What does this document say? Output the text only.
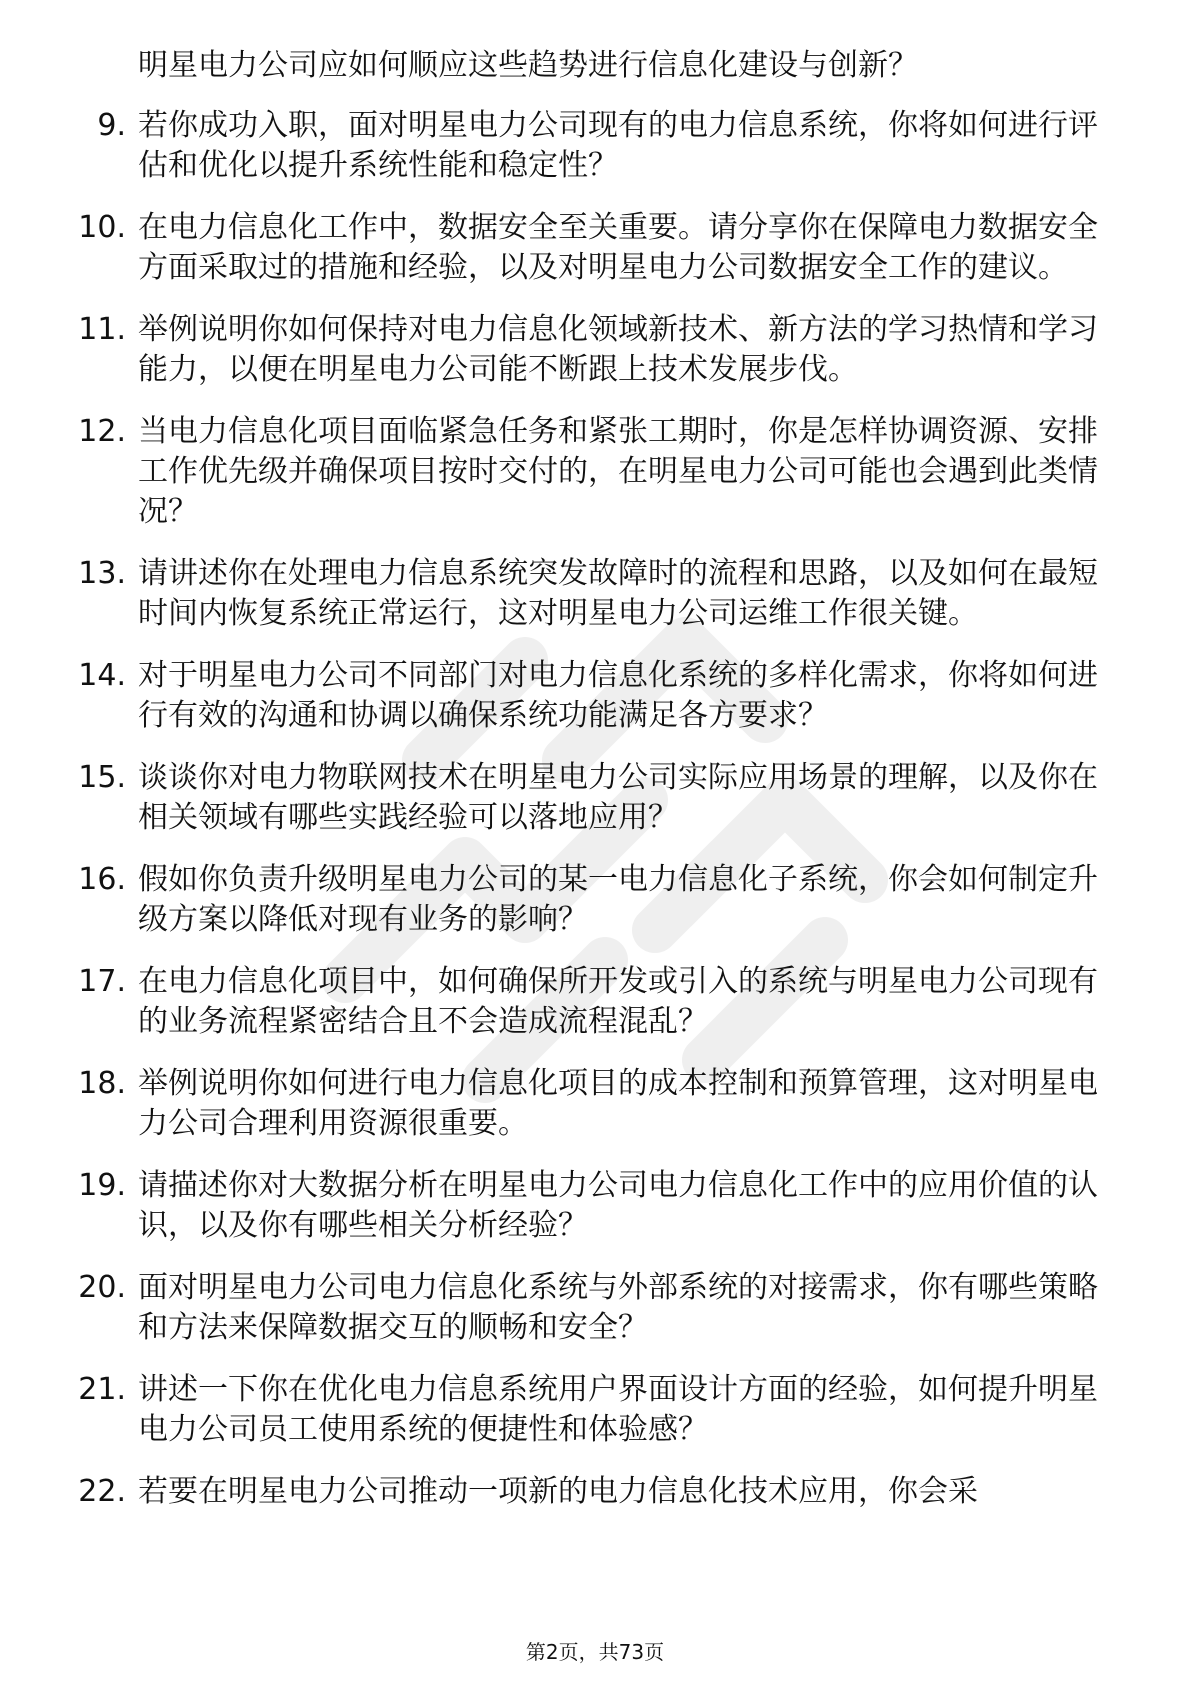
明星电力公司应如何顺应这些趋势进行信息化建设与创新？
9. 若你成功入职，面对明星电力公司现有的电力信息系统，你将如何进行评估和优化以提升系统性能和稳定性？
10. 在电力信息化工作中，数据安全至关重要。请分享你在保障电力数据安全方面采取过的措施和经验，以及对明星电力公司数据安全工作的建议。
11. 举例说明你如何保持对电力信息化领域新技术、新方法的学习热情和学习能力，以便在明星电力公司能不断跟上技术发展步伐。
12. 当电力信息化项目面临紧急任务和紧张工期时，你是怎样协调资源、安排工作优先级并确保项目按时交付的，在明星电力公司可能也会遇到此类情况？
13. 请讲述你在处理电力信息系统突发故障时的流程和思路，以及如何在最短时间内恢复系统正常运行，这对明星电力公司运维工作很关键。
14. 对于明星电力公司不同部门对电力信息化系统的多样化需求，你将如何进行有效的沟通和协调以确保系统功能满足各方要求？
15. 谈谈你对电力物联网技术在明星电力公司实际应用场景的理解，以及你在相关领域有哪些实践经验可以落地应用？
16. 假如你负责升级明星电力公司的某一电力信息化子系统，你会如何制定升级方案以降低对现有业务的影响？
17. 在电力信息化项目中，如何确保所开发或引入的系统与明星电力公司现有的业务流程紧密结合且不会造成流程混乱？
18. 举例说明你如何进行电力信息化项目的成本控制和预算管理，这对明星电力公司合理利用资源很重要。
19. 请描述你对大数据分析在明星电力公司电力信息化工作中的应用价值的认识，以及你有哪些相关分析经验？
20. 面对明星电力公司电力信息化系统与外部系统的对接需求，你有哪些策略和方法来保障数据交互的顺畅和安全？
21. 讲述一下你在优化电力信息系统用户界面设计方面的经验，如何提升明星电力公司员工使用系统的便捷性和体验感？
22. 若要在明星电力公司推动一项新的电力信息化技术应用，你会采
第2页，共73页
